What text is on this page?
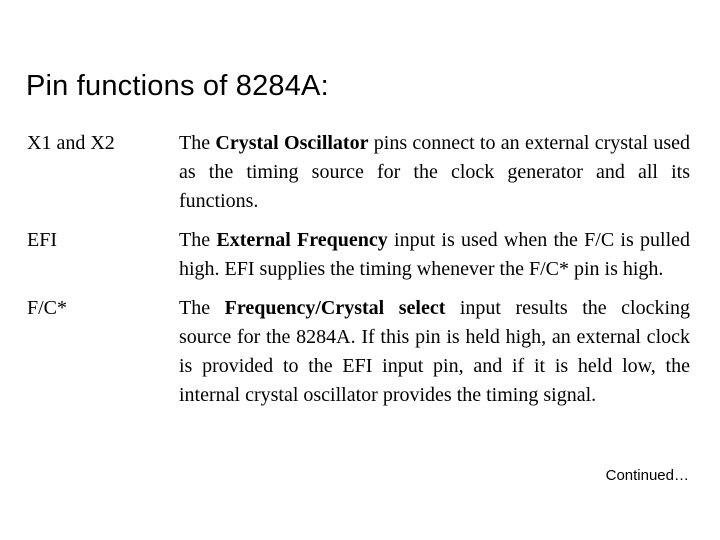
Pin functions of 8284A:
X1 and X2	The Crystal Oscillator pins connect to an external crystal used as the timing source for the clock generator and all its functions.

EFI	The External Frequency input is used when the F/C is pulled high. EFI supplies the timing whenever the F/C* pin is high.

F/C*	The Frequency/Crystal select input results the clocking source for the 8284A. If this pin is held high, an external clock is provided to the EFI input pin, and if it is held low, the internal crystal oscillator provides the timing signal.

Continued…
